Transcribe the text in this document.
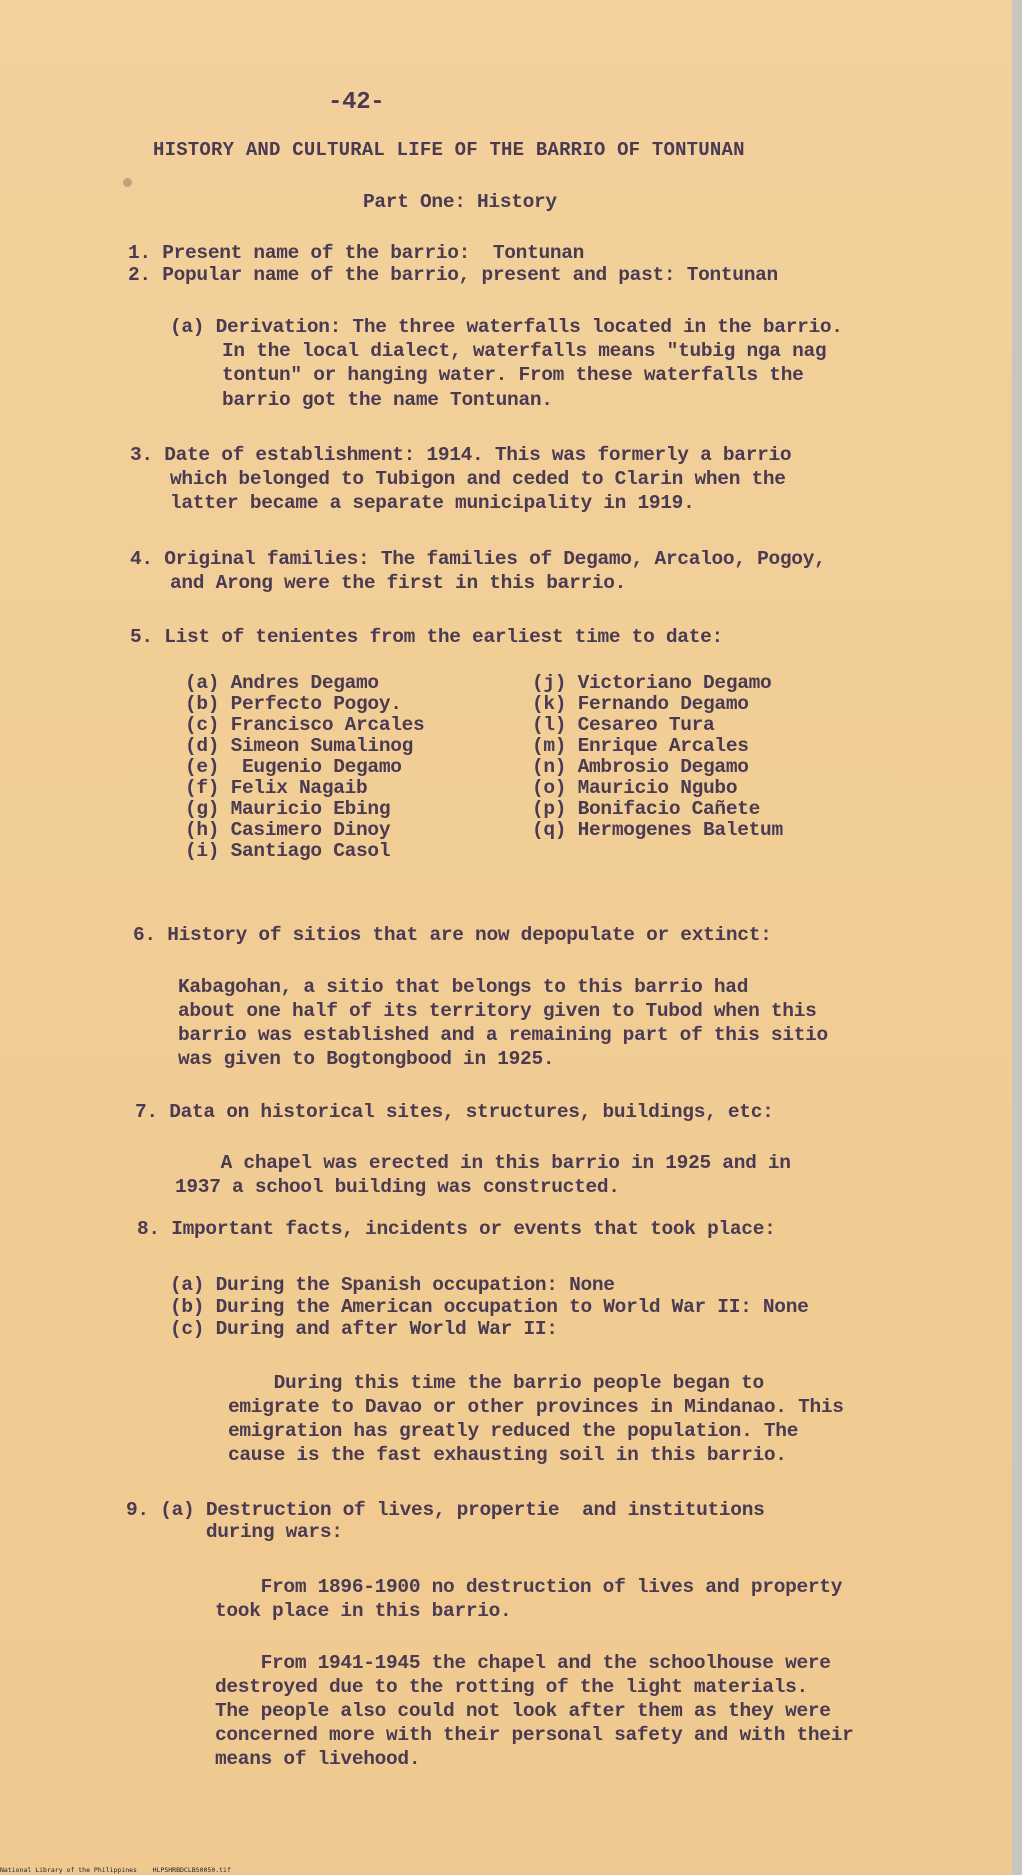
-42-
HISTORY AND CULTURAL LIFE OF THE BARRIO OF TONTUNAN
Part One: History
1. Present name of the barrio:  Tontunan
2. Popular name of the barrio, present and past: Tontunan
(a) Derivation: The three waterfalls located in the barrio.
In the local dialect, waterfalls means "tubig nga nag
tontun" or hanging water. From these waterfalls the
barrio got the name Tontunan.
3. Date of establishment: 1914. This was formerly a barrio
which belonged to Tubigon and ceded to Clarin when the
latter became a separate municipality in 1919.
4. Original families: The families of Degamo, Arcaloo, Pogoy,
and Arong were the first in this barrio.
5. List of tenientes from the earliest time to date:
(a) Andres Degamo
(b) Perfecto Pogoy.
(c) Francisco Arcales
(d) Simeon Sumalinog
(e)  Eugenio Degamo
(f) Felix Nagaib
(g) Mauricio Ebing
(h) Casimero Dinoy
(i) Santiago Casol
(j) Victoriano Degamo
(k) Fernando Degamo
(l) Cesareo Tura
(m) Enrique Arcales
(n) Ambrosio Degamo
(o) Mauricio Ngubo
(p) Bonifacio Cañete
(q) Hermogenes Baletum
6. History of sitios that are now depopulate or extinct:
Kabagohan, a sitio that belongs to this barrio had
about one half of its territory given to Tubod when this
barrio was established and a remaining part of this sitio
was given to Bogtongbood in 1925.
7. Data on historical sites, structures, buildings, etc:
A chapel was erected in this barrio in 1925 and in
1937 a school building was constructed.
8. Important facts, incidents or events that took place:
(a) During the Spanish occupation: None
(b) During the American occupation to World War II: None
(c) During and after World War II:
During this time the barrio people began to
emigrate to Davao or other provinces in Mindanao. This
emigration has greatly reduced the population. The
cause is the fast exhausting soil in this barrio.
9. (a) Destruction of lives, propertie  and institutions
during wars:
From 1896-1900 no destruction of lives and property
took place in this barrio.
From 1941-1945 the chapel and the schoolhouse were
destroyed due to the rotting of the light materials.
The people also could not look after them as they were
concerned more with their personal safety and with their
means of livehood.
National Library of the Philippines    HLPSHRBDCLBS0050.tif
